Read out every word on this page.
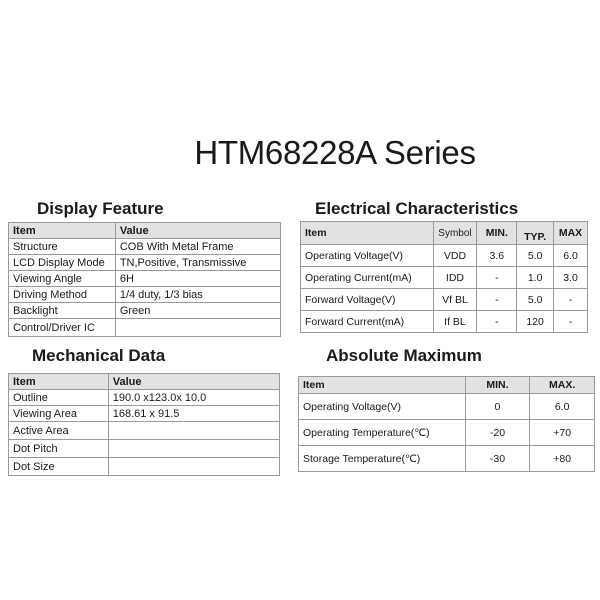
HTM68228A Series
Display Feature
Item	Value
Structure	COB With Metal Frame
LCD Display Mode	TN,Positive, Transmissive
Viewing Angle	6H
Driving Method	1/4 duty, 1/3 bias
Backlight	Green
Control/Driver IC	
Electrical Characteristics
Item	Symbol	MIN.	TYP.	MAX
Operating Voltage(V)	VDD	3.6	5.0	6.0
Operating Current(mA)	IDD	-	1.0	3.0
Forward Voltage(V)	Vf BL	-	5.0	-
Forward Current(mA)	If BL	-	120	-
Mechanical Data
Item	Value
Outline	190.0 x123.0x 10.0
Viewing Area	168.61 x 91.5
Active Area	
Dot Pitch	
Dot Size	
Absolute Maximum
Item	MIN.	MAX.
Operating Voltage(V)	0	6.0
Operating Temperature(℃)	-20	+70
Storage Temperature(℃)	-30	+80
